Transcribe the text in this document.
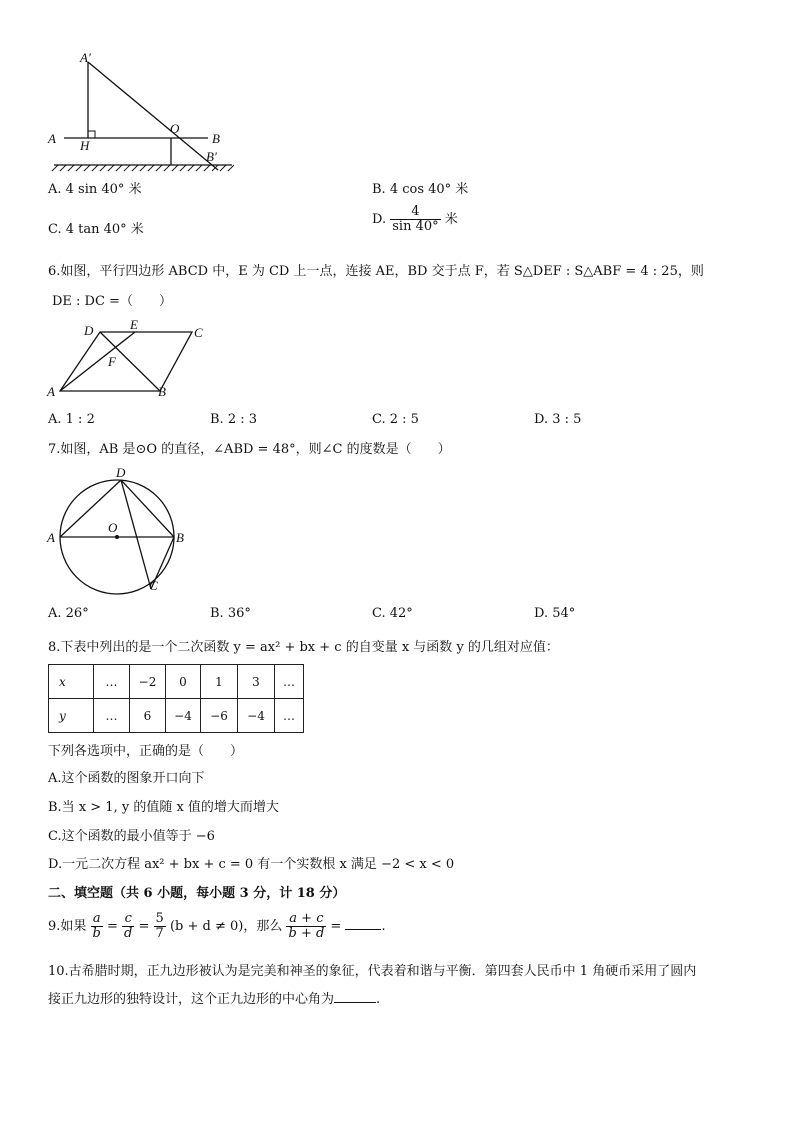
A′
A H
O
B
B′
A. 4 sin 40° 米	B. 4 cos 40° 米
C. 4 tan 40° 米
D. $\frac{4}{\sin 40^\circ}$ 米
6.如图，平行四边形 ABCD 中，E 为 CD 上一点，连接 AE，BD 交于点 F，若 S△DEF : S△ABF = 4 : 25，则
DE : DC =（　　）
D	E
C
F
A	B
A. 1 : 2	B. 2 : 3	C. 2 : 5	D. 3 : 5
7.如图，AB 是⊙O 的直径，∠ABD = 48°，则∠C 的度数是（　　）
D
O
A	B
C
A. 26°	B. 36°	C. 42°	D. 54°
8.下表中列出的是一个二次函数 y = ax² + bx + c 的自变量 x 与函数 y 的几组对应值：
x	…	−2	0	1	3	…
y	…	6	−4	−6	−4	…
下列各选项中，正确的是（　　）
A.这个函数的图象开口向下
B.当 x > 1, y 的值随 x 值的增大而增大
C.这个函数的最小值等于 −6
D.一元二次方程 ax² + bx + c = 0 有一个实数根 x 满足 −2 < x < 0
二、填空题（共 6 小题，每小题 3 分，计 18 分）
9.如果 $\frac{a}{b} = \frac{c}{d} = \frac{5}{7} (b + d \ne 0)$，那么 $\frac{a + c}{b + d}$ =	.
10.古希腊时期，正九边形被认为是完美和神圣的象征，代表着和谐与平衡．第四套人民币中 1 角硬币采用了圆内
接正九边形的独特设计，这个正九边形的中心角为	.
